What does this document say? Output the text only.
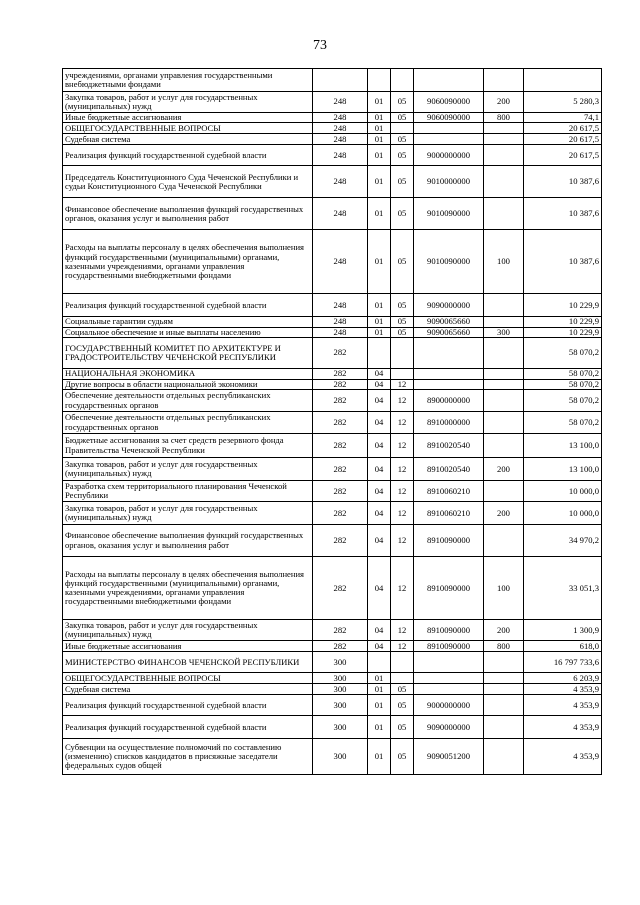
73
учреждениями, органами управления государственными внебюджетными фондами						
Закупка товаров, работ и услуг для государственных (муниципальных) нужд	248	01	05	9060090000	200	5 280,3
Иные бюджетные ассигнования	248	01	05	9060090000	800	74,1
ОБЩЕГОСУДАРСТВЕННЫЕ ВОПРОСЫ	248	01				20 617,5
Судебная система	248	01	05			20 617,5
Реализация функций государственной судебной власти	248	01	05	9000000000		20 617,5
Председатель Конституционного Суда Чеченской Республики и судьи Конституционного Суда Чеченской Республики	248	01	05	9010000000		10 387,6
Финансовое обеспечение выполнения функций государственных органов, оказания услуг и выполнения работ	248	01	05	9010090000		10 387,6
Расходы на выплаты персоналу в целях обеспечения выполнения функций государственными (муниципальными) органами, казенными учреждениями, органами управления государственными внебюджетными фондами	248	01	05	9010090000	100	10 387,6
Реализация функций государственной судебной власти	248	01	05	9090000000		10 229,9
Социальные гарантии судьям	248	01	05	9090065660		10 229,9
Социальное обеспечение и иные выплаты населению	248	01	05	9090065660	300	10 229,9
ГОСУДАРСТВЕННЫЙ КОМИТЕТ ПО АРХИТЕКТУРЕ И ГРАДОСТРОИТЕЛЬСТВУ ЧЕЧЕНСКОЙ РЕСПУБЛИКИ	282					58 070,2
НАЦИОНАЛЬНАЯ ЭКОНОМИКА	282	04				58 070,2
Другие вопросы в области национальной экономики	282	04	12			58 070,2
Обеспечение деятельности отдельных республиканских государственных органов	282	04	12	8900000000		58 070,2
Обеспечение деятельности отдельных республиканских государственных органов	282	04	12	8910000000		58 070,2
Бюджетные ассигнования за счет средств резервного фонда Правительства Чеченской Республики	282	04	12	8910020540		13 100,0
Закупка товаров, работ и услуг для государственных (муниципальных) нужд	282	04	12	8910020540	200	13 100,0
Разработка схем территориального планирования Чеченской Республики	282	04	12	8910060210		10 000,0
Закупка товаров, работ и услуг для государственных (муниципальных) нужд	282	04	12	8910060210	200	10 000,0
Финансовое обеспечение выполнения функций государственных органов, оказания услуг и выполнения работ	282	04	12	8910090000		34 970,2
Расходы на выплаты персоналу в целях обеспечения выполнения функций государственными (муниципальными) органами, казенными учреждениями, органами управления государственными внебюджетными фондами	282	04	12	8910090000	100	33 051,3
Закупка товаров, работ и услуг для государственных (муниципальных) нужд	282	04	12	8910090000	200	1 300,9
Иные бюджетные ассигнования	282	04	12	8910090000	800	618,0
МИНИСТЕРСТВО ФИНАНСОВ ЧЕЧЕНСКОЙ РЕСПУБЛИКИ	300					16 797 733,6
ОБЩЕГОСУДАРСТВЕННЫЕ ВОПРОСЫ	300	01				6 203,9
Судебная система	300	01	05			4 353,9
Реализация функций государственной судебной власти	300	01	05	9000000000		4 353,9
Реализация функций государственной судебной власти	300	01	05	9090000000		4 353,9
Субвенции на осуществление полномочий по составлению (изменению) списков кандидатов в присяжные заседатели федеральных судов общей	300	01	05	9090051200		4 353,9
